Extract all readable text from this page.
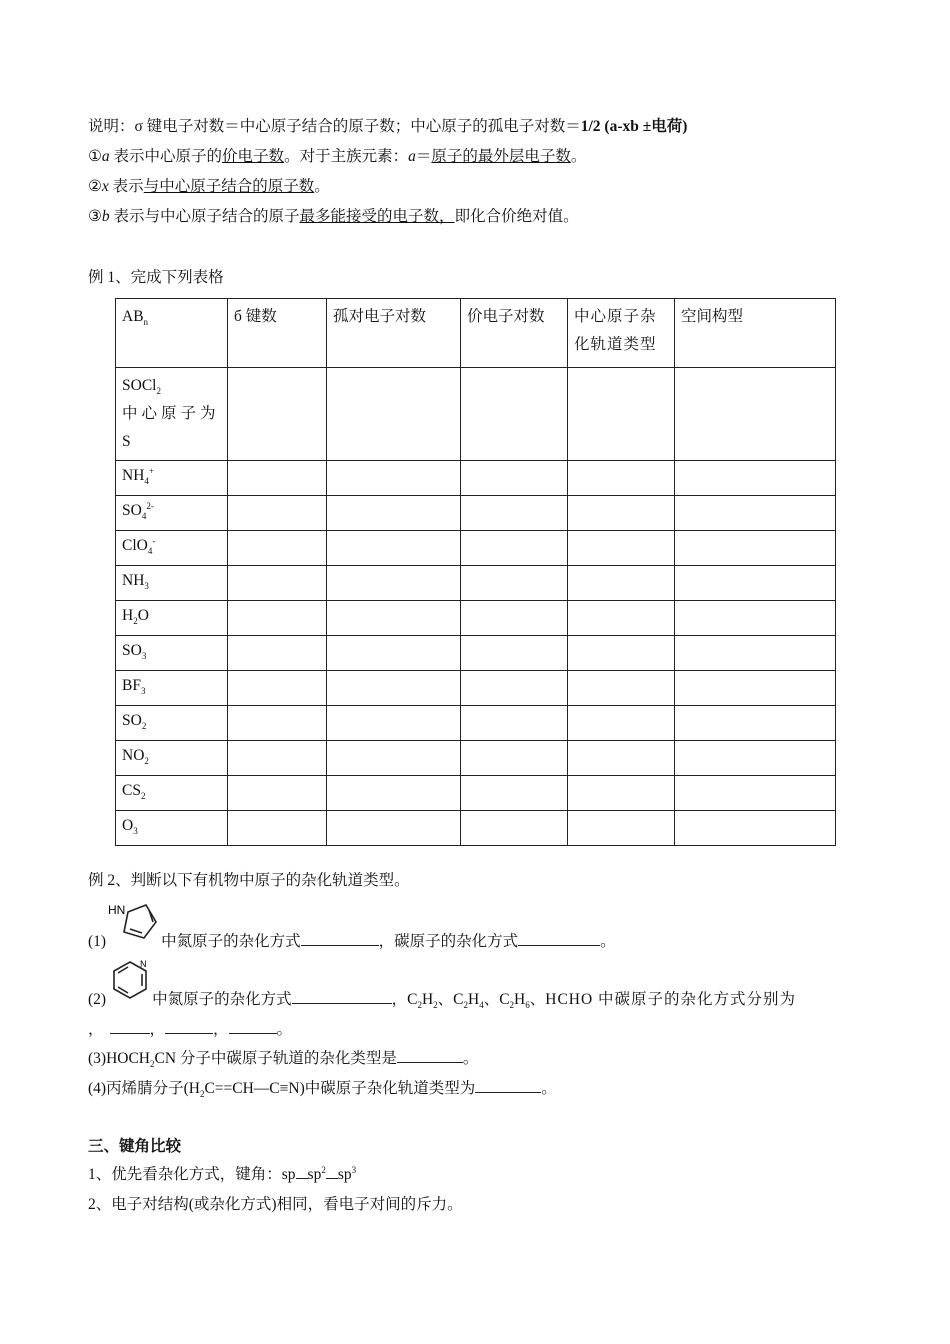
说明：σ 键电子对数＝中心原子结合的原子数；中心原子的孤电子对数＝1/2 (a-xb ±电荷)
①a 表示中心原子的价电子数。对于主族元素：a＝原子的最外层电子数。
②x 表示与中心原子结合的原子数。
③b 表示与中心原子结合的原子最多能接受的电子数，即化合价绝对值。
例 1、完成下列表格
$AB_n$	б 键数	孤对电子对数	价电子对数	中心原子杂化轨道类型	空间构型
SOCl$_2$
中心原子为
S					
$NH_4^+$					
$SO_4^{2-}$					
ClO$_4$-					
$NH_3$					
$H_2O$					
$SO_3$					
$BF_3$					
$SO_2$					
$NO_2$					
$CS_2$					
$O_3$					
例 2、判断以下有机物中原子的杂化轨道类型。
HN
(1)	中氮原子的杂化方式	，碳原子的杂化方式	。
N
(2)	中氮原子的杂化方式	，$C_2H_2$、$C_2H_4$、$C_2H_6$、HCHO 中碳原子的杂化方式分别为
，	，	，	。
$(3)HOCH_2CN$ 分子中碳原子轨道的杂化类型是	。
(4)丙烯腈分子$(H_2C==CH—C\equiv N)$中碳原子杂化轨道类型为	。
三、键角比较
1、优先看杂化方式，键角：sp $sp^2$ $sp^3$
2、电子对结构(或杂化方式)相同，看电子对间的斥力。
